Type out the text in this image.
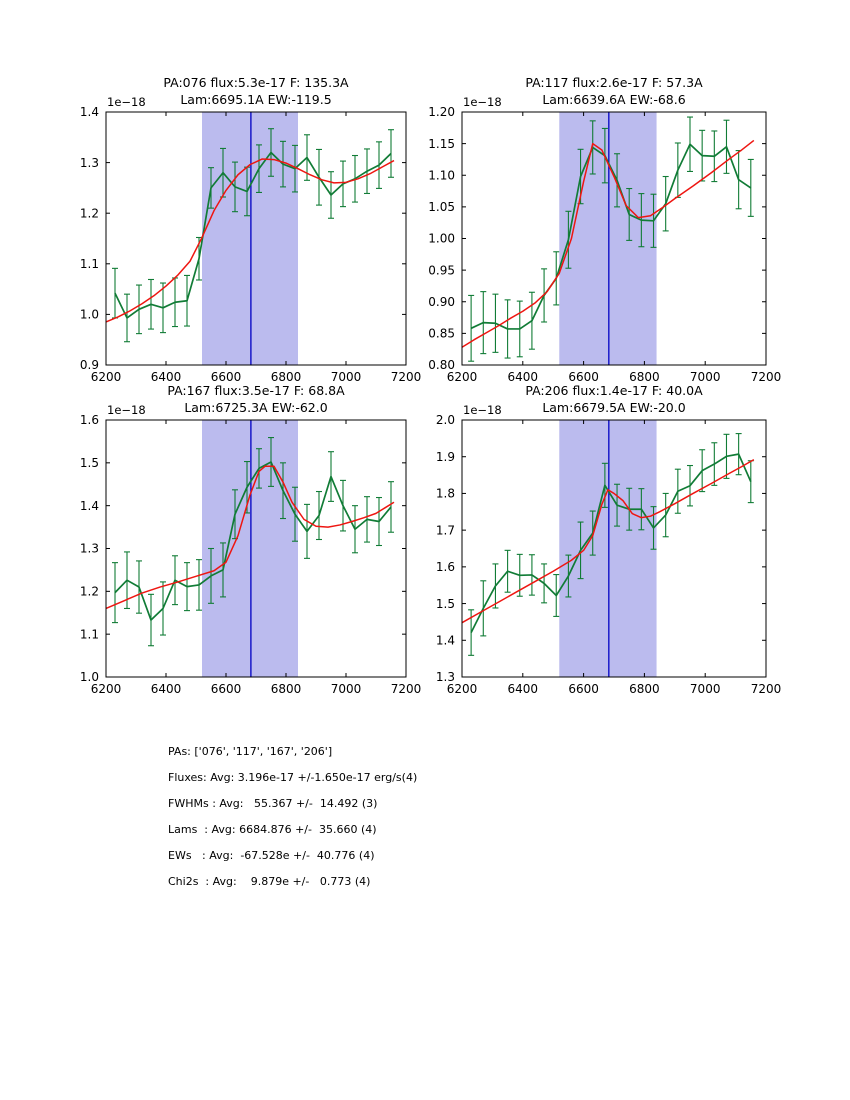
6200 6400 6600 6800 7000 7200
0.9
1.0
1.1
1.2
1.3
1.4
6200	6400	6600	6800	7000	7200
0.80
0.85
0.90
0.95
1.00
1.05
1.10
1.15
1.20
6200 6400 6600 6800 7000 7200
1.0
1.1
1.2
1.3
1.4
1.5
1.6
6200	6400	6600	6800	7000	7200
1.3
1.4
1.5
1.6
1.7
1.8
1.9
2.0
PA:076 flux:5.3e-17 F: 135.3A
Lam:6695.1A EW:-119.5
PA:117 flux:2.6e-17 F: 57.3A
Lam:6639.6A EW:-68.6
PA:167 flux:3.5e-17 F: 68.8A
Lam:6725.3A EW:-62.0
PA:206 flux:1.4e-17 F: 40.0A
Lam:6679.5A EW:-20.0
1e−18	1e−18
1e−18	1e−18
PAs: ['076', '117', '167', '206']
Fluxes: Avg: 3.196e-17 +/-1.650e-17 erg/s(4)
FWHMs : Avg:   55.367 +/-  14.492 (3)
Lams  : Avg: 6684.876 +/-  35.660 (4)
EWs   : Avg:  -67.528e +/-  40.776 (4)
Chi2s  : Avg:    9.879e +/-   0.773 (4)
